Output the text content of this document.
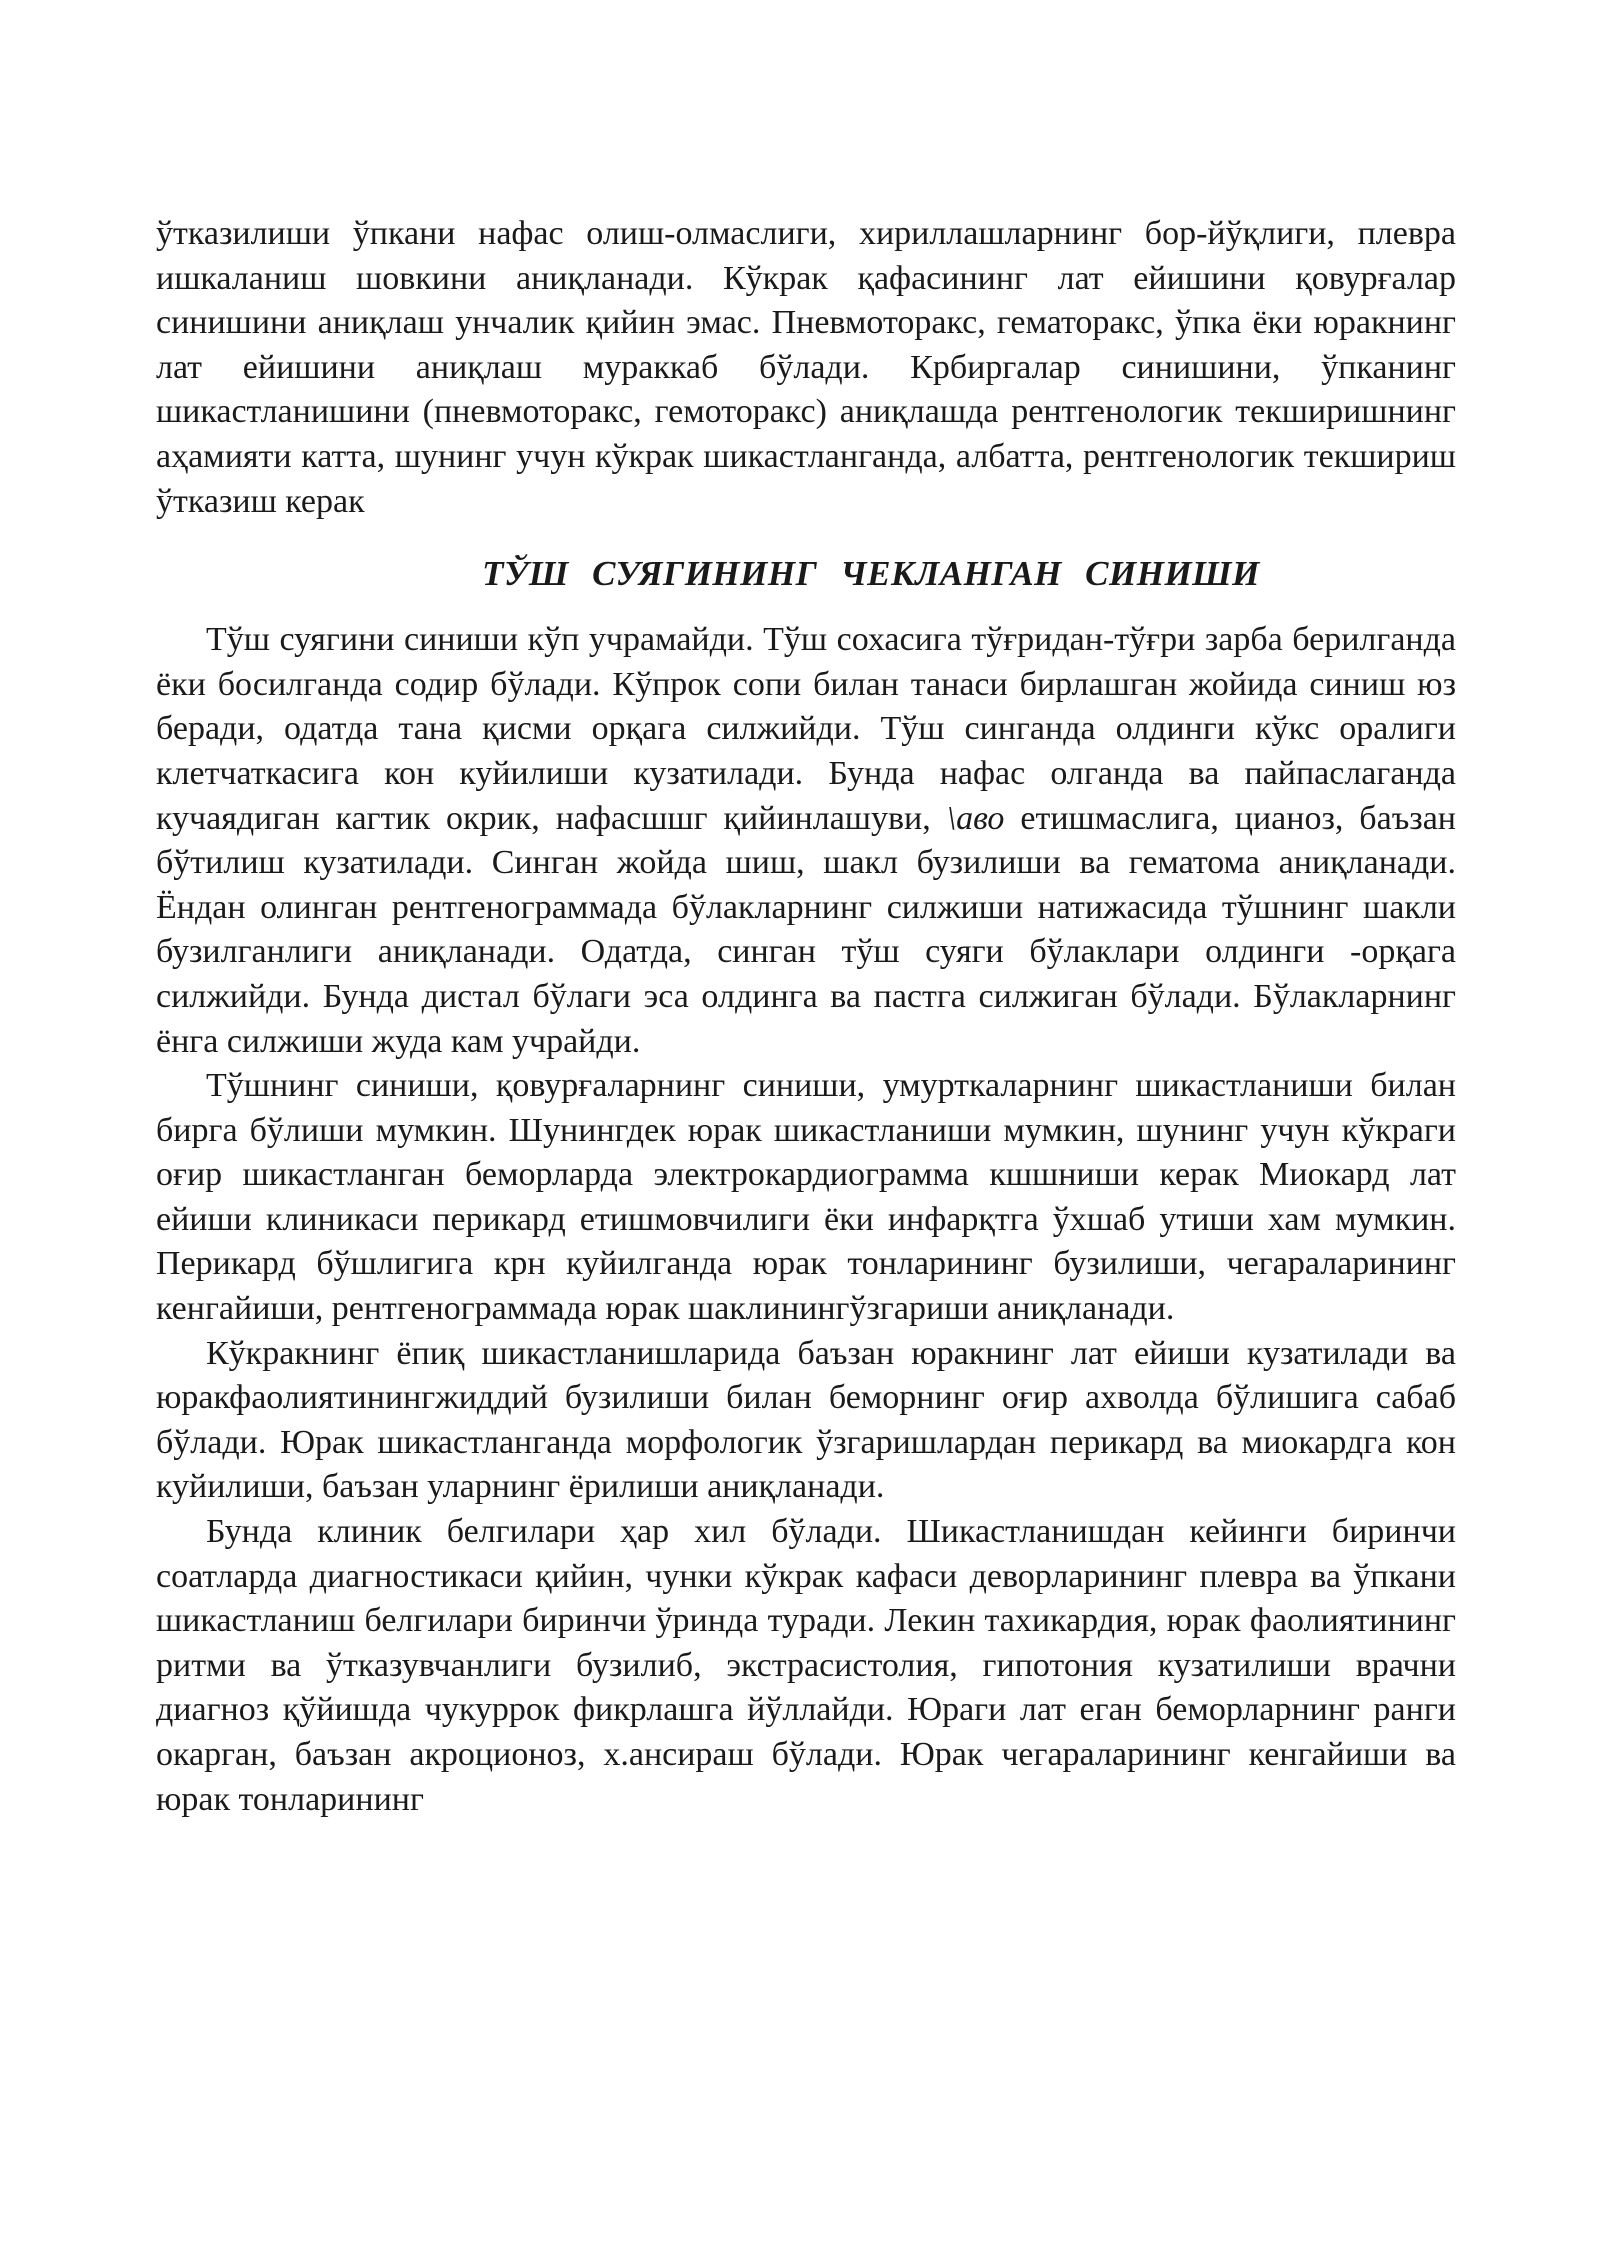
ўтказилиши ўпкани нафас олиш-олмаслиги, хириллашларнинг бор-йўқлиги, плевра ишкаланиш шовкини аниқланади. Кўкрак қафасининг лат ейишини қовурғалар синишини аниқлаш унчалик қийин эмас. Пневмоторакс, гематоракс, ўпка ёки юракнинг лат ейишини аниқлаш мураккаб бўлади. Крбиргалар синишини, ўпканинг шикастланишини (пневмоторакс, гемоторакс) аниқлашда рентгенологик текширишнинг аҳамияти катта, шунинг учун кўкрак шикастланганда, албатта, рентгенологик текшириш ўтказиш керак

ТЎШ СУЯГИНИНГ ЧЕКЛАНГАН СИНИШИ

Тўш суягини синиши кўп учрамайди. Тўш сохасига тўғридан-тўғри зарба берилганда ёки босилганда содир бўлади. Кўпрок сопи билан танаси бирлашган жойида синиш юз беради, одатда тана қисми орқага силжийди. Тўш синганда олдинги кўкс оралиги клетчаткасига кон куйилиши кузатилади. Бунда нафас олганда ва пайпаслаганда кучаядиган кагтик окрик, нафасшшг қийинлашуви, \аво етишмаслига, цианоз, баъзан бўтилиш кузатилади. Синган жойда шиш, шакл бузилиши ва гематома аниқланади. Ёндан олинган рентгенограммада бўлакларнинг силжиши натижасида тўшнинг шакли бузилганлиги аниқланади. Одатда, синган тўш суяги бўлаклари олдинги -орқага силжийди. Бунда дистал бўлаги эса олдинга ва пастга силжиган бўлади. Бўлакларнинг ёнга силжиши жуда кам учрайди.

Тўшнинг синиши, қовурғаларнинг синиши, умурткаларнинг шикастланиши билан бирга бўлиши мумкин. Шунингдек юрак шикастланиши мумкин, шунинг учун кўкраги оғир шикастланган беморларда электрокардиограмма кшшниши керак Миокард лат ейиши клиникаси перикард етишмовчилиги ёки инфарқтга ўхшаб утиши хам мумкин. Перикард бўшлигига крн куйилганда юрак тонларининг бузилиши, чегараларининг кенгайиши, рентгенограммада юрак шаклинингўзгариши аниқланади.

Кўкракнинг ёпиқ шикастланишларида баъзан юракнинг лат ейиши кузатилади ва юракфаолиятинингжиддий бузилиши билан беморнинг оғир ахволда бўлишига сабаб бўлади. Юрак шикастланганда морфологик ўзгаришлардан перикард ва миокардга кон куйилиши, баъзан уларнинг ёрилиши аниқланади.

Бунда клиник белгилари ҳар хил бўлади. Шикастланишдан кейинги биринчи соатларда диагностикаси қийин, чунки кўкрак кафаси деворларининг плевра ва ўпкани шикастланиш белгилари биринчи ўринда туради. Лекин тахикардия, юрак фаолиятининг ритми ва ўтказувчанлиги бузилиб, экстрасистолия, гипотония кузатилиши врачни диагноз қўйишда чукуррок фикрлашга йўллайди. Юраги лат еган беморларнинг ранги окарган, баъзан акроционоз, х.ансираш бўлади. Юрак чегараларининг кенгайиши ва юрак тонларининг
